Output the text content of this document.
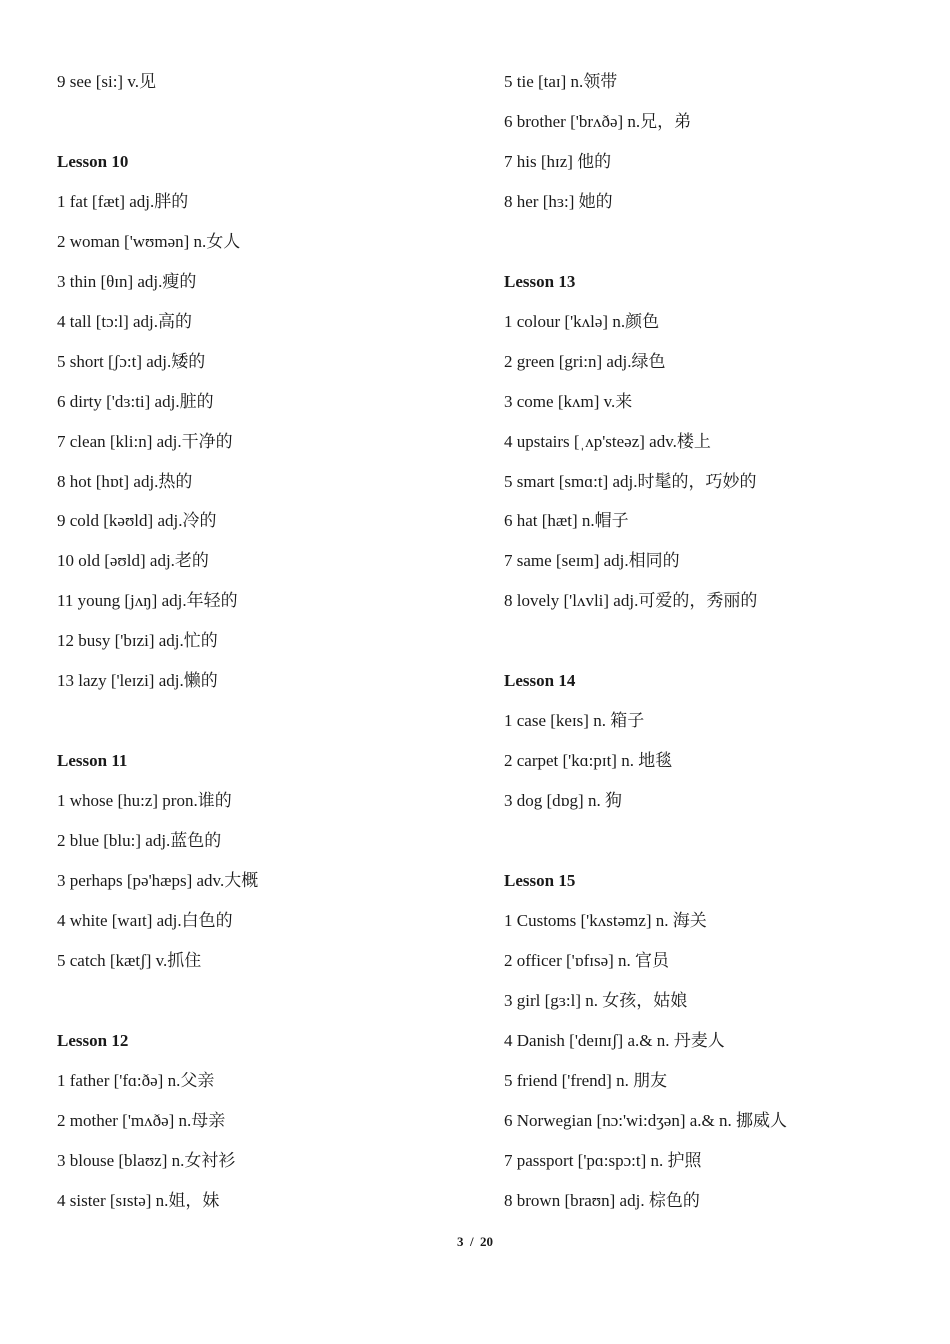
9 see [si:] v.见
Lesson 10
1 fat [fæt] adj.胖的
2 woman ['wʊmən] n.女人
3 thin [θɪn] adj.瘦的
4 tall [tɔ:l] adj.高的
5 short [ʃɔ:t] adj.矮的
6 dirty ['dɜ:ti] adj.脏的
7 clean [kli:n] adj.干净的
8 hot [hɒt] adj.热的
9 cold [kəʊld] adj.冷的
10 old [əʊld] adj.老的
11 young [jʌŋ] adj.年轻的
12 busy ['bɪzi] adj.忙的
13 lazy ['leɪzi] adj.懒的
Lesson 11
1 whose [hu:z] pron.谁的
2 blue [blu:] adj.蓝色的
3 perhaps [pə'hæps] adv.大概
4 white [waɪt] adj.白色的
5 catch [kætʃ] v.抓住
Lesson 12
1 father ['fɑ:ðə] n.父亲
2 mother ['mʌðə] n.母亲
3 blouse [blaʊz] n.女衬衫
4 sister [sɪstə] n.姐，妹
5 tie [taɪ] n.领带
6 brother ['brʌðə] n.兄，弟
7 his [hɪz] 他的
8 her [hɜ:] 她的
Lesson 13
1 colour ['kʌlə] n.颜色
2 green [gri:n] adj.绿色
3 come [kʌm] v.来
4 upstairs [ˌʌp'steəz] adv.楼上
5 smart [smɑ:t] adj.时髦的，巧妙的
6 hat [hæt] n.帽子
7 same [seɪm] adj.相同的
8 lovely ['lʌvli] adj.可爱的，秀丽的
Lesson 14
1 case [keɪs] n. 箱子
2 carpet ['kɑ:pɪt] n. 地毯
3 dog [dɒg] n. 狗
Lesson 15
1 Customs ['kʌstəmz] n. 海关
2 officer ['ɒfɪsə] n. 官员
3 girl [gɜ:l] n. 女孩，姑娘
4 Danish ['deɪnɪʃ] a.& n. 丹麦人
5 friend ['frend] n. 朋友
6 Norwegian [nɔ:'wi:dʒən] a.& n. 挪威人
7 passport ['pɑ:spɔ:t] n. 护照
8 brown [braʊn] adj. 棕色的
3  /  20
